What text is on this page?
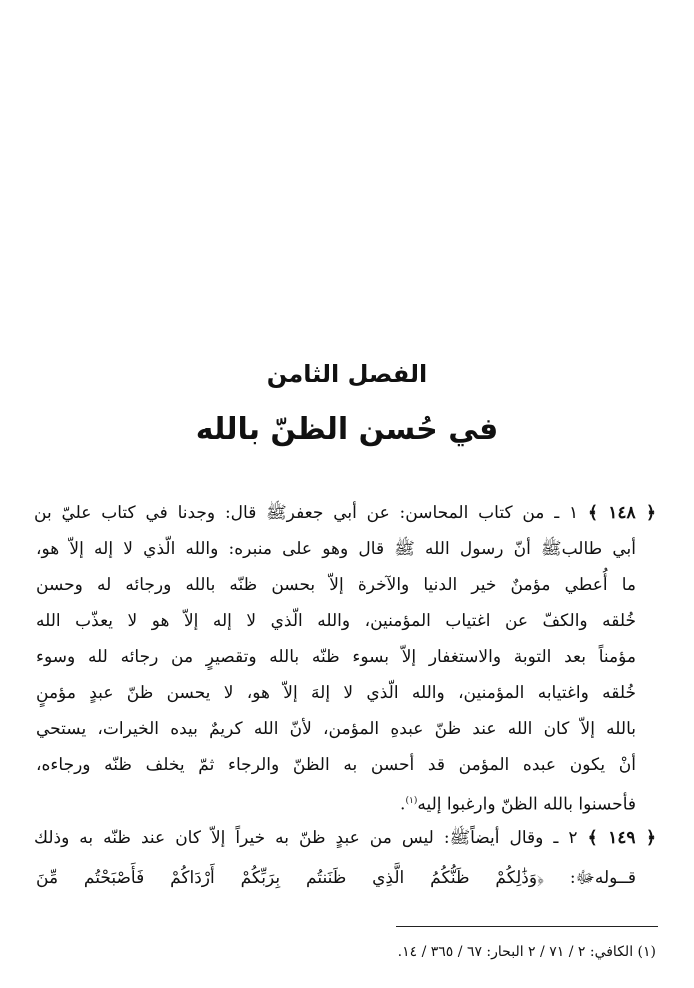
الفصل الثامن
في حُسن الظنّ بالله
﴿ ١٤٨ ﴾ ١ ـ من كتاب المحاسن: عن أبي جعفرﷺ قال: وجدنا في كتاب عليّ بن
أبي طالبﷺ أنّ رسول الله ﷺ قال وهو على منبره: والله الّذي لا إله إلاّ هو،
ما أُعطي مؤمنٌ خير الدنيا والآخرة إلاّ بحسن ظنّه بالله ورجائه له وحسن
خُلقه والكفّ عن اغتياب المؤمنين، والله الّذي لا إله إلاّ هو لا يعذّب الله
مؤمناً بعد التوبة والاستغفار إلاّ بسوء ظنّه بالله وتقصيرٍ من رجائه لله وسوء
خُلقه واغتيابه المؤمنين، والله الّذي لا إلهَ إلاّ هو، لا يحسن ظنّ عبدٍ مؤمنٍ
بالله إلاّ كان الله عند ظنّ عبدهِ المؤمن، لأنّ الله كريمٌ بيده الخيرات، يستحي
أنْ يكون عبده المؤمن قد أحسن به الظنّ والرجاء ثمّ يخلف ظنّه ورجاءه،
فأحسنوا بالله الظنّ وارغبوا إليه$^{(١)}$.
﴿ ١٤٩ ﴾ ٢ ـ وقال أيضاًﷺ: ليس من عبدٍ ظنّ به خيراً إلاّ كان عند ظنّه به وذلك
قــولهﷻ: ﴿وَذَٰلِكُمْ ظَنُّكُمُ الَّذِي ظَنَنتُم بِرَبِّكُمْ أَرْدَاكُمْ فَأَصْبَحْتُم مِّنَ
(١) الكافي: ٢ / ٧١ / ٢ البحار: ٦٧ / ٣٦٥ / ١٤.
